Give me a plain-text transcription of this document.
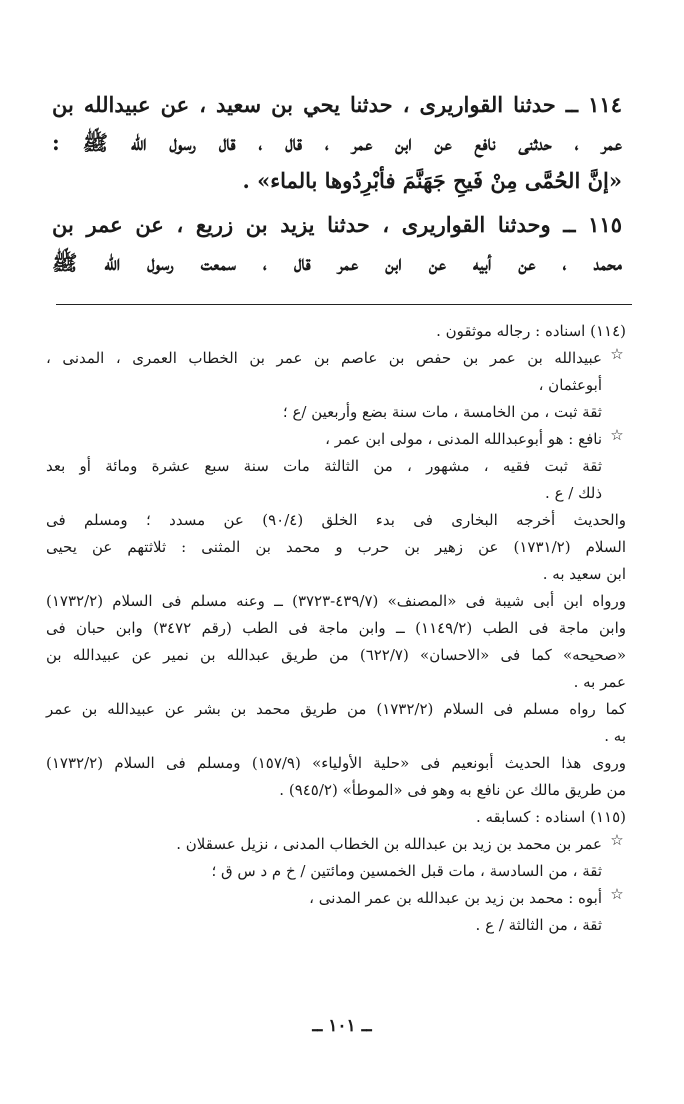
١١٤ ــ حدثنا القواريرى ، حدثنا يحي بن سعيد ، عن عبيدالله بن
عمر ، حدثنى نافع عن ابن عمر ، قال ، قال رسول الله ﷺ :
«إنَّ الحُمَّى مِنْ فَيحِ جَهَنَّمَ فأبْرِدُوها بالماء» .
١١٥ ــ وحدثنا القواريرى ، حدثنا يزيد بن زريع ، عن عمر بن
محمد ، عن أبيه عن ابن عمر قال ، سمعت رسول الله ﷺ
(١١٤) اسناده : رجاله موثقون .
☆
عبيدالله بن عمر بن حفص بن عاصم بن عمر بن الخطاب العمرى ، المدنى ،
أبوعثمان ،
ثقة ثبت ، من الخامسة ، مات سنة بضع وأربعين /ع ؛
☆
نافع : هو أبوعبدالله المدنى ، مولى ابن عمر ،
ثقة ثبت فقيه ، مشهور ، من الثالثة مات سنة سبع عشرة ومائة أو بعد
ذلك / ع .
والحديث أخرجه البخارى فى بدء الخلق (٩٠/٤) عن مسدد ؛ ومسلم فى
السلام (١٧٣١/٢) عن زهير بن حرب و محمد بن المثنى : ثلاثتهم عن يحيى
ابن سعيد به .
ورواه ابن أبى شيبة فى «المصنف» (٤٣٩/٧-٣٧٢٣) ــ وعنه مسلم فى السلام (١٧٣٢/٢)
وابن ماجة فى الطب (١١٤٩/٢) ــ وابن ماجة فى الطب (رقم ٣٤٧٢) وابن حبان فى
«صحيحه» كما فى «الاحسان» (٦٢٢/٧) من طريق عبدالله بن نمير عن عبيدالله بن
عمر به .
كما رواه مسلم فى السلام (١٧٣٢/٢) من طريق محمد بن بشر عن عبيدالله بن عمر
به .
وروى هذا الحديث أبونعيم فى «حلية الأولياء» (١٥٧/٩) ومسلم فى السلام (١٧٣٢/٢)
من طريق مالك عن نافع به وهو فى «الموطأ» (٩٤٥/٢) .
(١١٥) اسناده : كسابقه .
☆
عمر بن محمد بن زيد بن عبدالله بن الخطاب المدنى ، نزيل عسقلان .
ثقة ، من السادسة ، مات قبل الخمسين ومائتين / خ م د س ق ؛
☆
أبوه : محمد بن زيد بن عبدالله بن عمر المدنى ،
ثقة ، من الثالثة / ع .
ــ ١٠١ ــ
